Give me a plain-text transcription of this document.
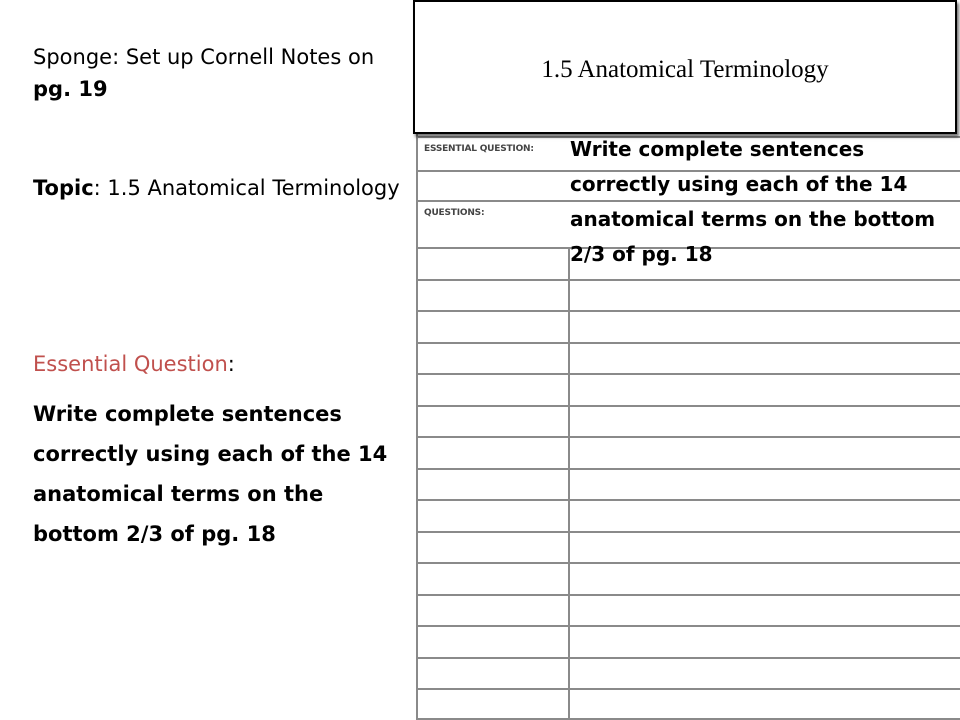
Sponge: Set up Cornell Notes on pg. 19
Topic: 1.5 Anatomical Terminology
Essential Question:
Write complete sentences correctly using each of the 14 anatomical terms on the bottom 2/3 of pg. 18
ESSENTIAL QUESTION:
QUESTIONS:
Write complete sentences correctly using each of the 14 anatomical terms on the bottom 2/3 of pg. 18
1.5 Anatomical Terminology
